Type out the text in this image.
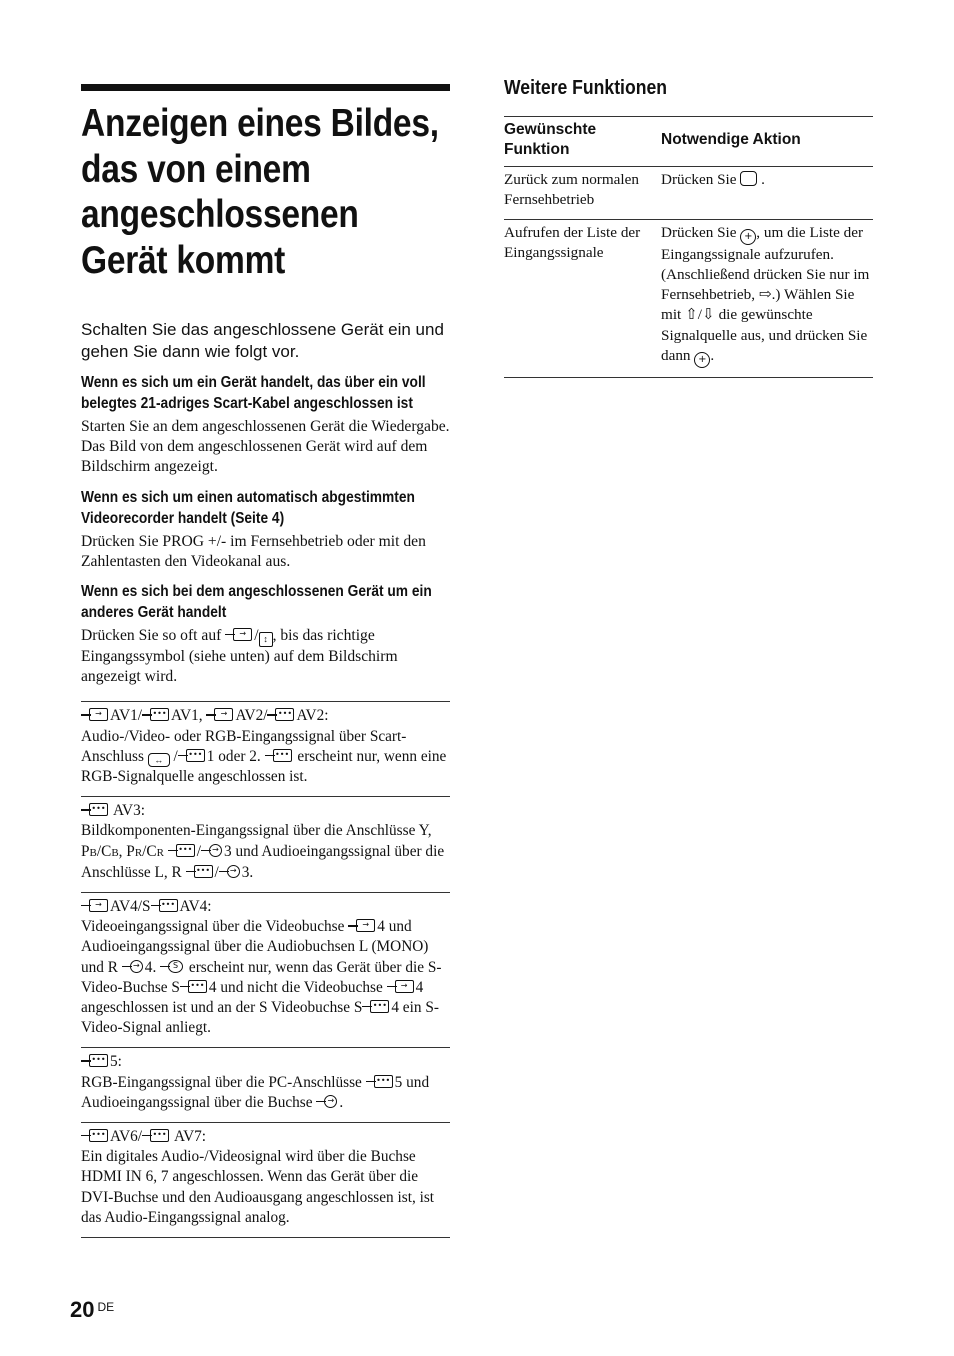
Anzeigen eines Bildes, das von einem angeschlossenen Gerät kommt
Schalten Sie das angeschlossene Gerät ein und gehen Sie dann wie folgt vor.
Wenn es sich um ein Gerät handelt, das über ein voll belegtes 21-adriges Scart-Kabel angeschlossen ist
Starten Sie an dem angeschlossenen Gerät die Wiedergabe.
Das Bild von dem angeschlossenen Gerät wird auf dem Bildschirm angezeigt.
Wenn es sich um einen automatisch abgestimmten Videorecorder handelt (Seite 4)
Drücken Sie PROG +/- im Fernsehbetrieb oder mit den Zahlentasten den Videokanal aus.
Wenn es sich bei dem angeschlossenen Gerät um ein anderes Gerät handelt
Drücken Sie so oft auf	→ / ↕ , bis das richtige Eingangssymbol (siehe unten) auf dem Bildschirm angezeigt wird.
→ AV1/	••• AV1,	→ AV2/	••• AV2:
Audio-/Video- oder RGB-Eingangssignal über Scart-Anschluss ↔ /	••• 1 oder 2.	••• erscheint nur, wenn eine RGB-Signalquelle angeschlossen ist.
••• AV3:
Bildkomponenten-Eingangssignal über die Anschlüsse Y, PB/CB, PR/CR	••• /	→ 3 und Audioeingangssignal über die Anschlüsse L, R	••• /	→ 3.
→ AV4/S	••• AV4:
Videoeingangssignal über die Videobuchse	→ 4 und Audioeingangssignal über die Audiobuchsen L (MONO) und R	→ 4.	S erscheint nur, wenn das Gerät über die S-Video-Buchse S	••• 4 und nicht die Videobuchse	→ 4 angeschlossen ist und an der S Videobuchse S	••• 4 ein S-Video-Signal anliegt.
••• 5:
RGB-Eingangssignal über die PC-Anschlüsse	••• 5 und Audioeingangssignal über die Buchse	→ .
••• AV6/	••• AV7:
Ein digitales Audio-/Videosignal wird über die Buchse HDMI IN 6, 7 angeschlossen. Wenn das Gerät über die DVI-Buchse und den Audioausgang angeschlossen ist, ist das Audio-Eingangssignal analog.
Weitere Funktionen
Gewünschte Funktion	Notwendige Aktion
Zurück zum normalen Fernsehbetrieb	Drücken Sie  .
Aufrufen der Liste der Eingangssignale	Drücken Sie + , um die Liste der Eingangssignale aufzurufen. (Anschließend drücken Sie nur im Fernsehbetrieb, ⇨.) Wählen Sie mit ⇧/⇩ die gewünschte Signalquelle aus, und drücken Sie dann + .
20 $^{DE}$
